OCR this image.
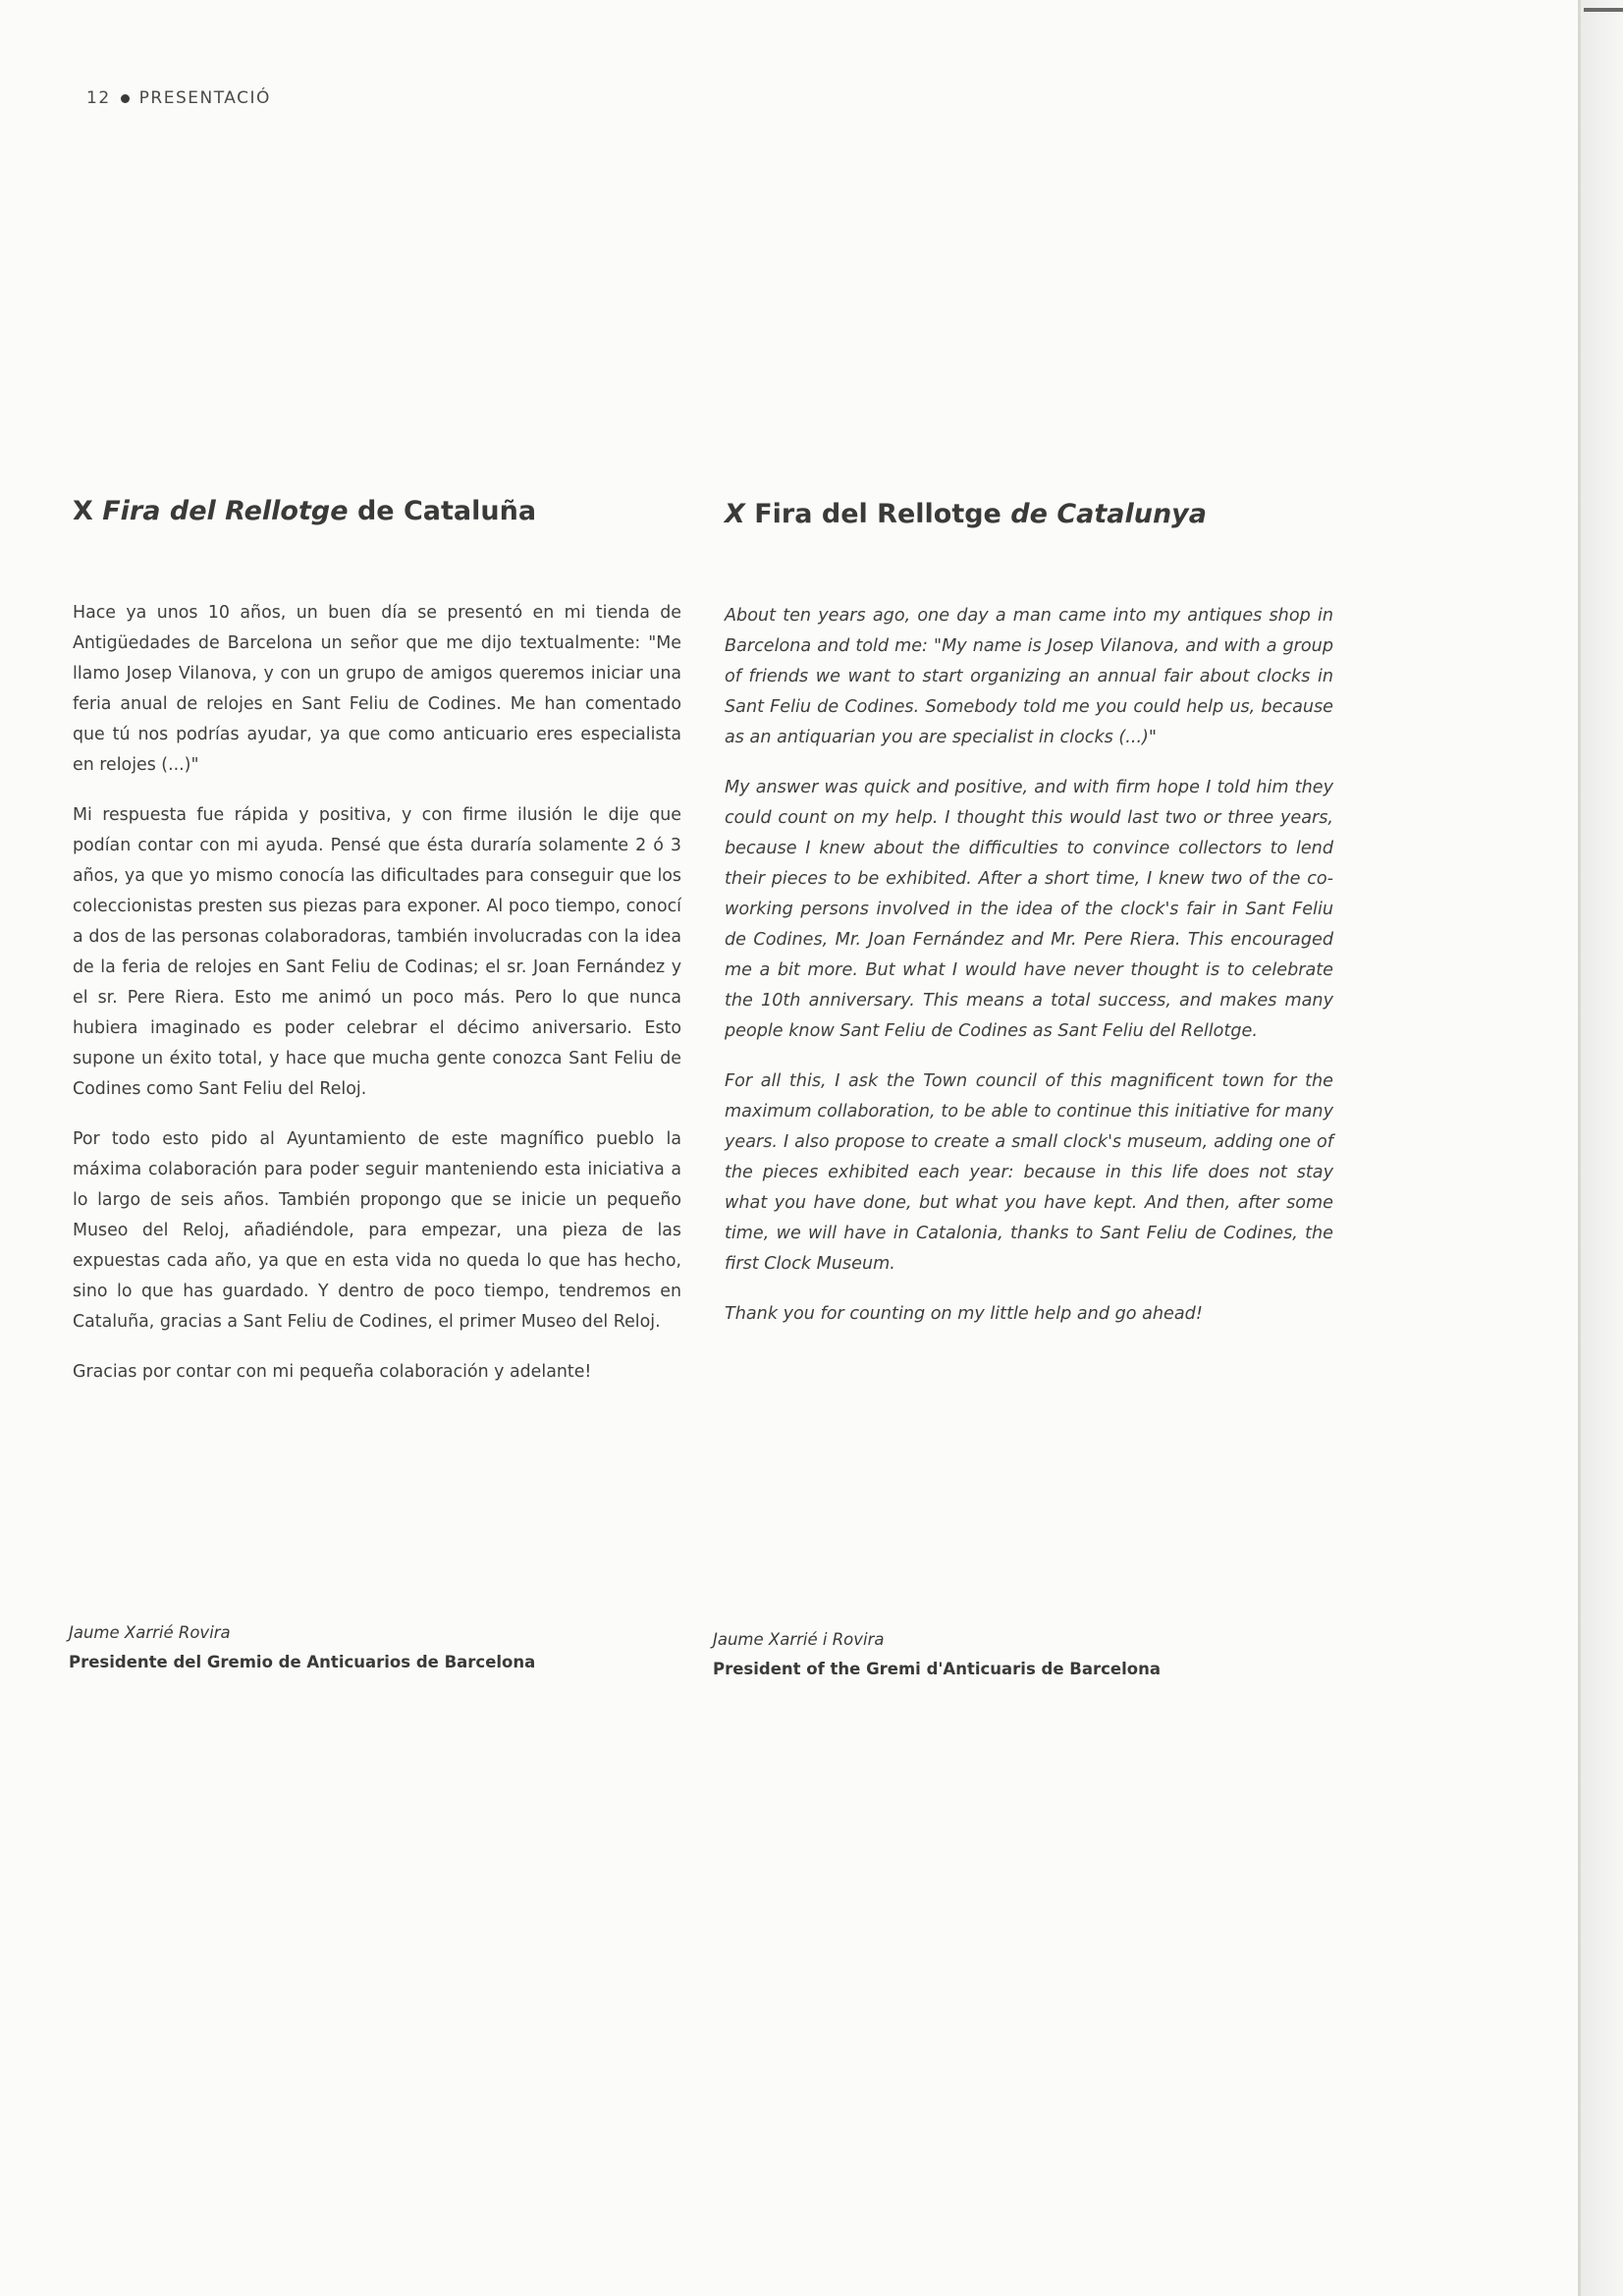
12 PRESENTACIÓ
X Fira del Rellotge de Cataluña

Hace ya unos 10 años, un buen día se presentó en mi tienda de Antigüedades de Barcelona un señor que me dijo textualmente: "Me llamo Josep Vilanova, y con un grupo de amigos queremos iniciar una feria anual de relojes en Sant Feliu de Codines. Me han comentado que tú nos podrías ayudar, ya que como anticuario eres especialista en relojes (...)"

Mi respuesta fue rápida y positiva, y con firme ilusión le dije que podían contar con mi ayuda. Pensé que ésta duraría solamente 2 ó 3 años, ya que yo mismo conocía las dificultades para conseguir que los coleccionistas presten sus piezas para exponer. Al poco tiempo, conocí a dos de las personas colaboradoras, también involucradas con la idea de la feria de relojes en Sant Feliu de Codinas; el sr. Joan Fernández y el sr. Pere Riera. Esto me animó un poco más. Pero lo que nunca hubiera imaginado es poder celebrar el décimo aniversario. Esto supone un éxito total, y hace que mucha gente conozca Sant Feliu de Codines como Sant Feliu del Reloj.

Por todo esto pido al Ayuntamiento de este magnífico pueblo la máxima colaboración para poder seguir manteniendo esta iniciativa a lo largo de seis años. También propongo que se inicie un pequeño Museo del Reloj, añadiéndole, para empezar, una pieza de las expuestas cada año, ya que en esta vida no queda lo que has hecho, sino lo que has guardado. Y dentro de poco tiempo, tendremos en Cataluña, gracias a Sant Feliu de Codines, el primer Museo del Reloj.

Gracias por contar con mi pequeña colaboración y adelante!

X Fira del Rellotge de Catalunya

About ten years ago, one day a man came into my antiques shop in Barcelona and told me: "My name is Josep Vilanova, and with a group of friends we want to start organizing an annual fair about clocks in Sant Feliu de Codines. Somebody told me you could help us, because as an antiquarian you are specialist in clocks (...)"

My answer was quick and positive, and with firm hope I told him they could count on my help. I thought this would last two or three years, because I knew about the difficulties to convince collectors to lend their pieces to be exhibited. After a short time, I knew two of the co-working persons involved in the idea of the clock's fair in Sant Feliu de Codines, Mr. Joan Fernández and Mr. Pere Riera. This encouraged me a bit more. But what I would have never thought is to celebrate the 10th anniversary. This means a total success, and makes many people know Sant Feliu de Codines as Sant Feliu del Rellotge.

For all this, I ask the Town council of this magnificent town for the maximum collaboration, to be able to continue this initiative for many years. I also propose to create a small clock's museum, adding one of the pieces exhibited each year: because in this life does not stay what you have done, but what you have kept. And then, after some time, we will have in Catalonia, thanks to Sant Feliu de Codines, the first Clock Museum.

Thank you for counting on my little help and go ahead!

Jaume Xarrié Rovira
Presidente del Gremio de Anticuarios de Barcelona
Jaume Xarrié i Rovira
President of the Gremi d'Anticuaris de Barcelona
